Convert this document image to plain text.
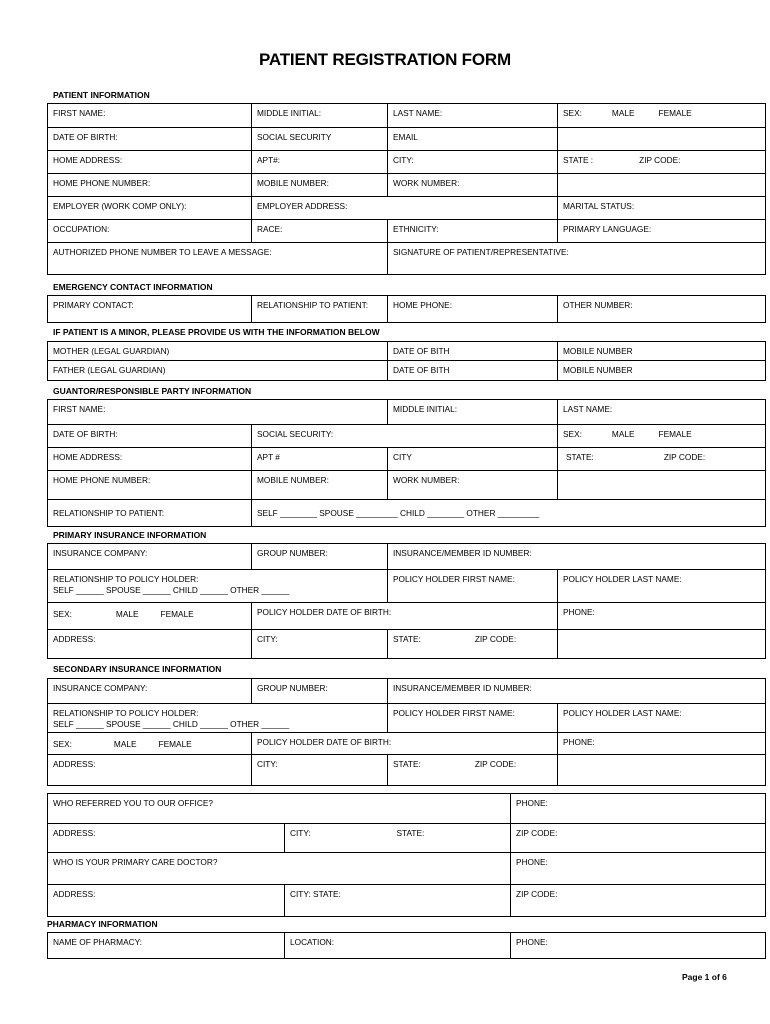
PATIENT REGISTRATION FORM
PATIENT INFORMATION
FIRST NAME:	MIDDLE INITIAL:	LAST NAME:	SEX: MALE FEMALE
DATE OF BIRTH:	SOCIAL SECURITY	EMAIL	
HOME ADDRESS:	APT#:	CITY:	STATE : ZIP CODE:
HOME PHONE NUMBER:	MOBILE NUMBER:	WORK NUMBER:	
EMPLOYER (WORK COMP ONLY):	EMPLOYER ADDRESS:		MARITAL STATUS:
OCCUPATION:	RACE:	ETHNICITY:	PRIMARY LANGUAGE:
AUTHORIZED PHONE NUMBER TO LEAVE A MESSAGE:		SIGNATURE OF PATIENT/REPRESENTATIVE:	
EMERGENCY CONTACT INFORMATION
PRIMARY CONTACT:	RELATIONSHIP TO PATIENT:	HOME PHONE:	OTHER NUMBER:
IF PATIENT IS A MINOR, PLEASE PROVIDE US WITH THE INFORMATION BELOW
MOTHER (LEGAL GUARDIAN)	DATE OF BITH	MOBILE NUMBER
FATHER (LEGAL GUARDIAN)	DATE OF BITH	MOBILE NUMBER
GUANTOR/RESPONSIBLE PARTY INFORMATION
FIRST NAME:		MIDDLE INITIAL:	LAST NAME:
DATE OF BIRTH:	SOCIAL SECURITY:		SEX: MALE FEMALE
HOME ADDRESS:	APT #	CITY	STATE: ZIP CODE:
HOME PHONE NUMBER:	MOBILE NUMBER:	WORK NUMBER:	
RELATIONSHIP TO PATIENT:	SELF ________ SPOUSE _________ CHILD ________ OTHER _________		
PRIMARY INSURANCE INFORMATION
INSURANCE COMPANY:	GROUP NUMBER:	INSURANCE/MEMBER ID NUMBER:	

RELATIONSHIP TO POLICY HOLDER:
SELF ______ SPOUSE ______ CHILD ______ OTHER ______		POLICY HOLDER FIRST NAME:	POLICY HOLDER LAST NAME:
SEX: MALE FEMALE	POLICY HOLDER DATE OF BIRTH:		PHONE:
ADDRESS:	CITY:	STATE: ZIP CODE:	
SECONDARY INSURANCE INFORMATION
INSURANCE COMPANY:	GROUP NUMBER:	INSURANCE/MEMBER ID NUMBER:	

RELATIONSHIP TO POLICY HOLDER:
SELF ______ SPOUSE ______ CHILD ______ OTHER ______		POLICY HOLDER FIRST NAME:	POLICY HOLDER LAST NAME:
SEX: MALE FEMALE	POLICY HOLDER DATE OF BIRTH:		PHONE:
ADDRESS:	CITY:	STATE: ZIP CODE:	
WHO REFERRED YOU TO OUR OFFICE?			PHONE:
ADDRESS:	CITY:	STATE:	ZIP CODE:
WHO IS YOUR PRIMARY CARE DOCTOR?			PHONE:
ADDRESS:	CITY: STATE:		ZIP CODE:
PHARMACY INFORMATION
NAME OF PHARMACY:	LOCATION:	PHONE:
Page 1 of 6
